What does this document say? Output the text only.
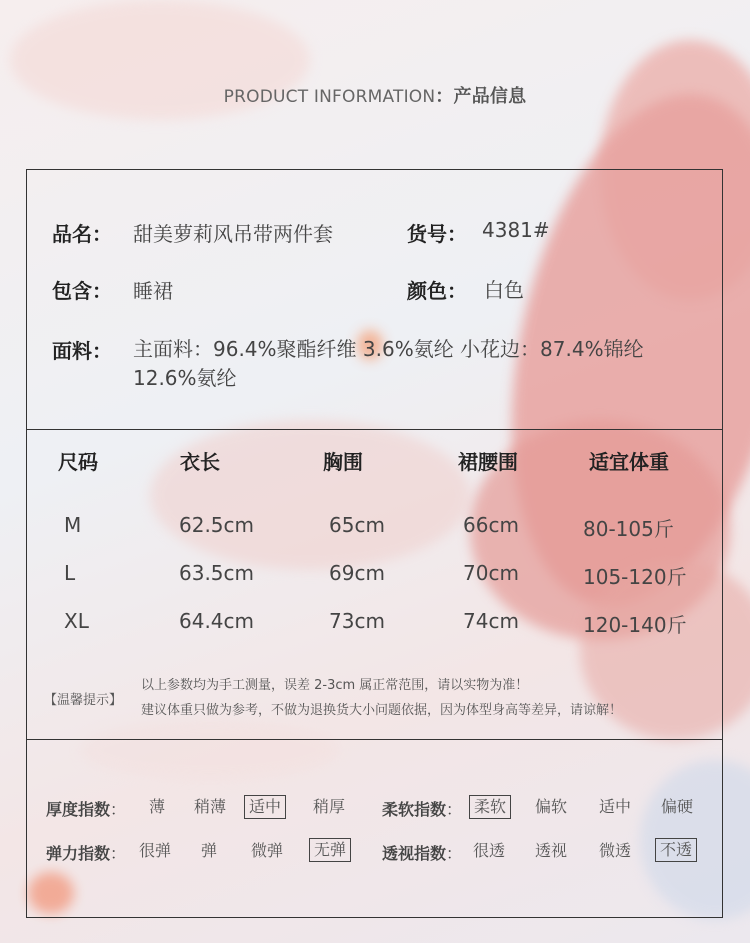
PRODUCT INFORMATION：产品信息
品名： 甜美萝莉风吊带两件套	货号： 4381#
包含： 睡裙	颜色： 白色
面料： 主面料：96.4%聚酯纤维 3.6%氨纶 小花边：87.4%锦纶 12.6%氨纶
尺码	衣长	胸围	裙腰围	适宜体重
M	62.5cm	65cm	66cm	80-105斤
L	63.5cm	69cm	70cm	105-120斤
XL	64.4cm	73cm	74cm	120-140斤
【温馨提示】
以上参数均为手工测量，误差 2-3cm 属正常范围，请以实物为准！
建议体重只做为参考，不做为退换货大小问题依据，因为体型身高等差异，请谅解！
厚度指数： 薄 稍薄	适中	稍厚 柔软指数： 柔软	偏软 适中 偏硬
弹力指数： 很弹 弹 微弹	无弹	透视指数： 很透 透视 微透	不透
